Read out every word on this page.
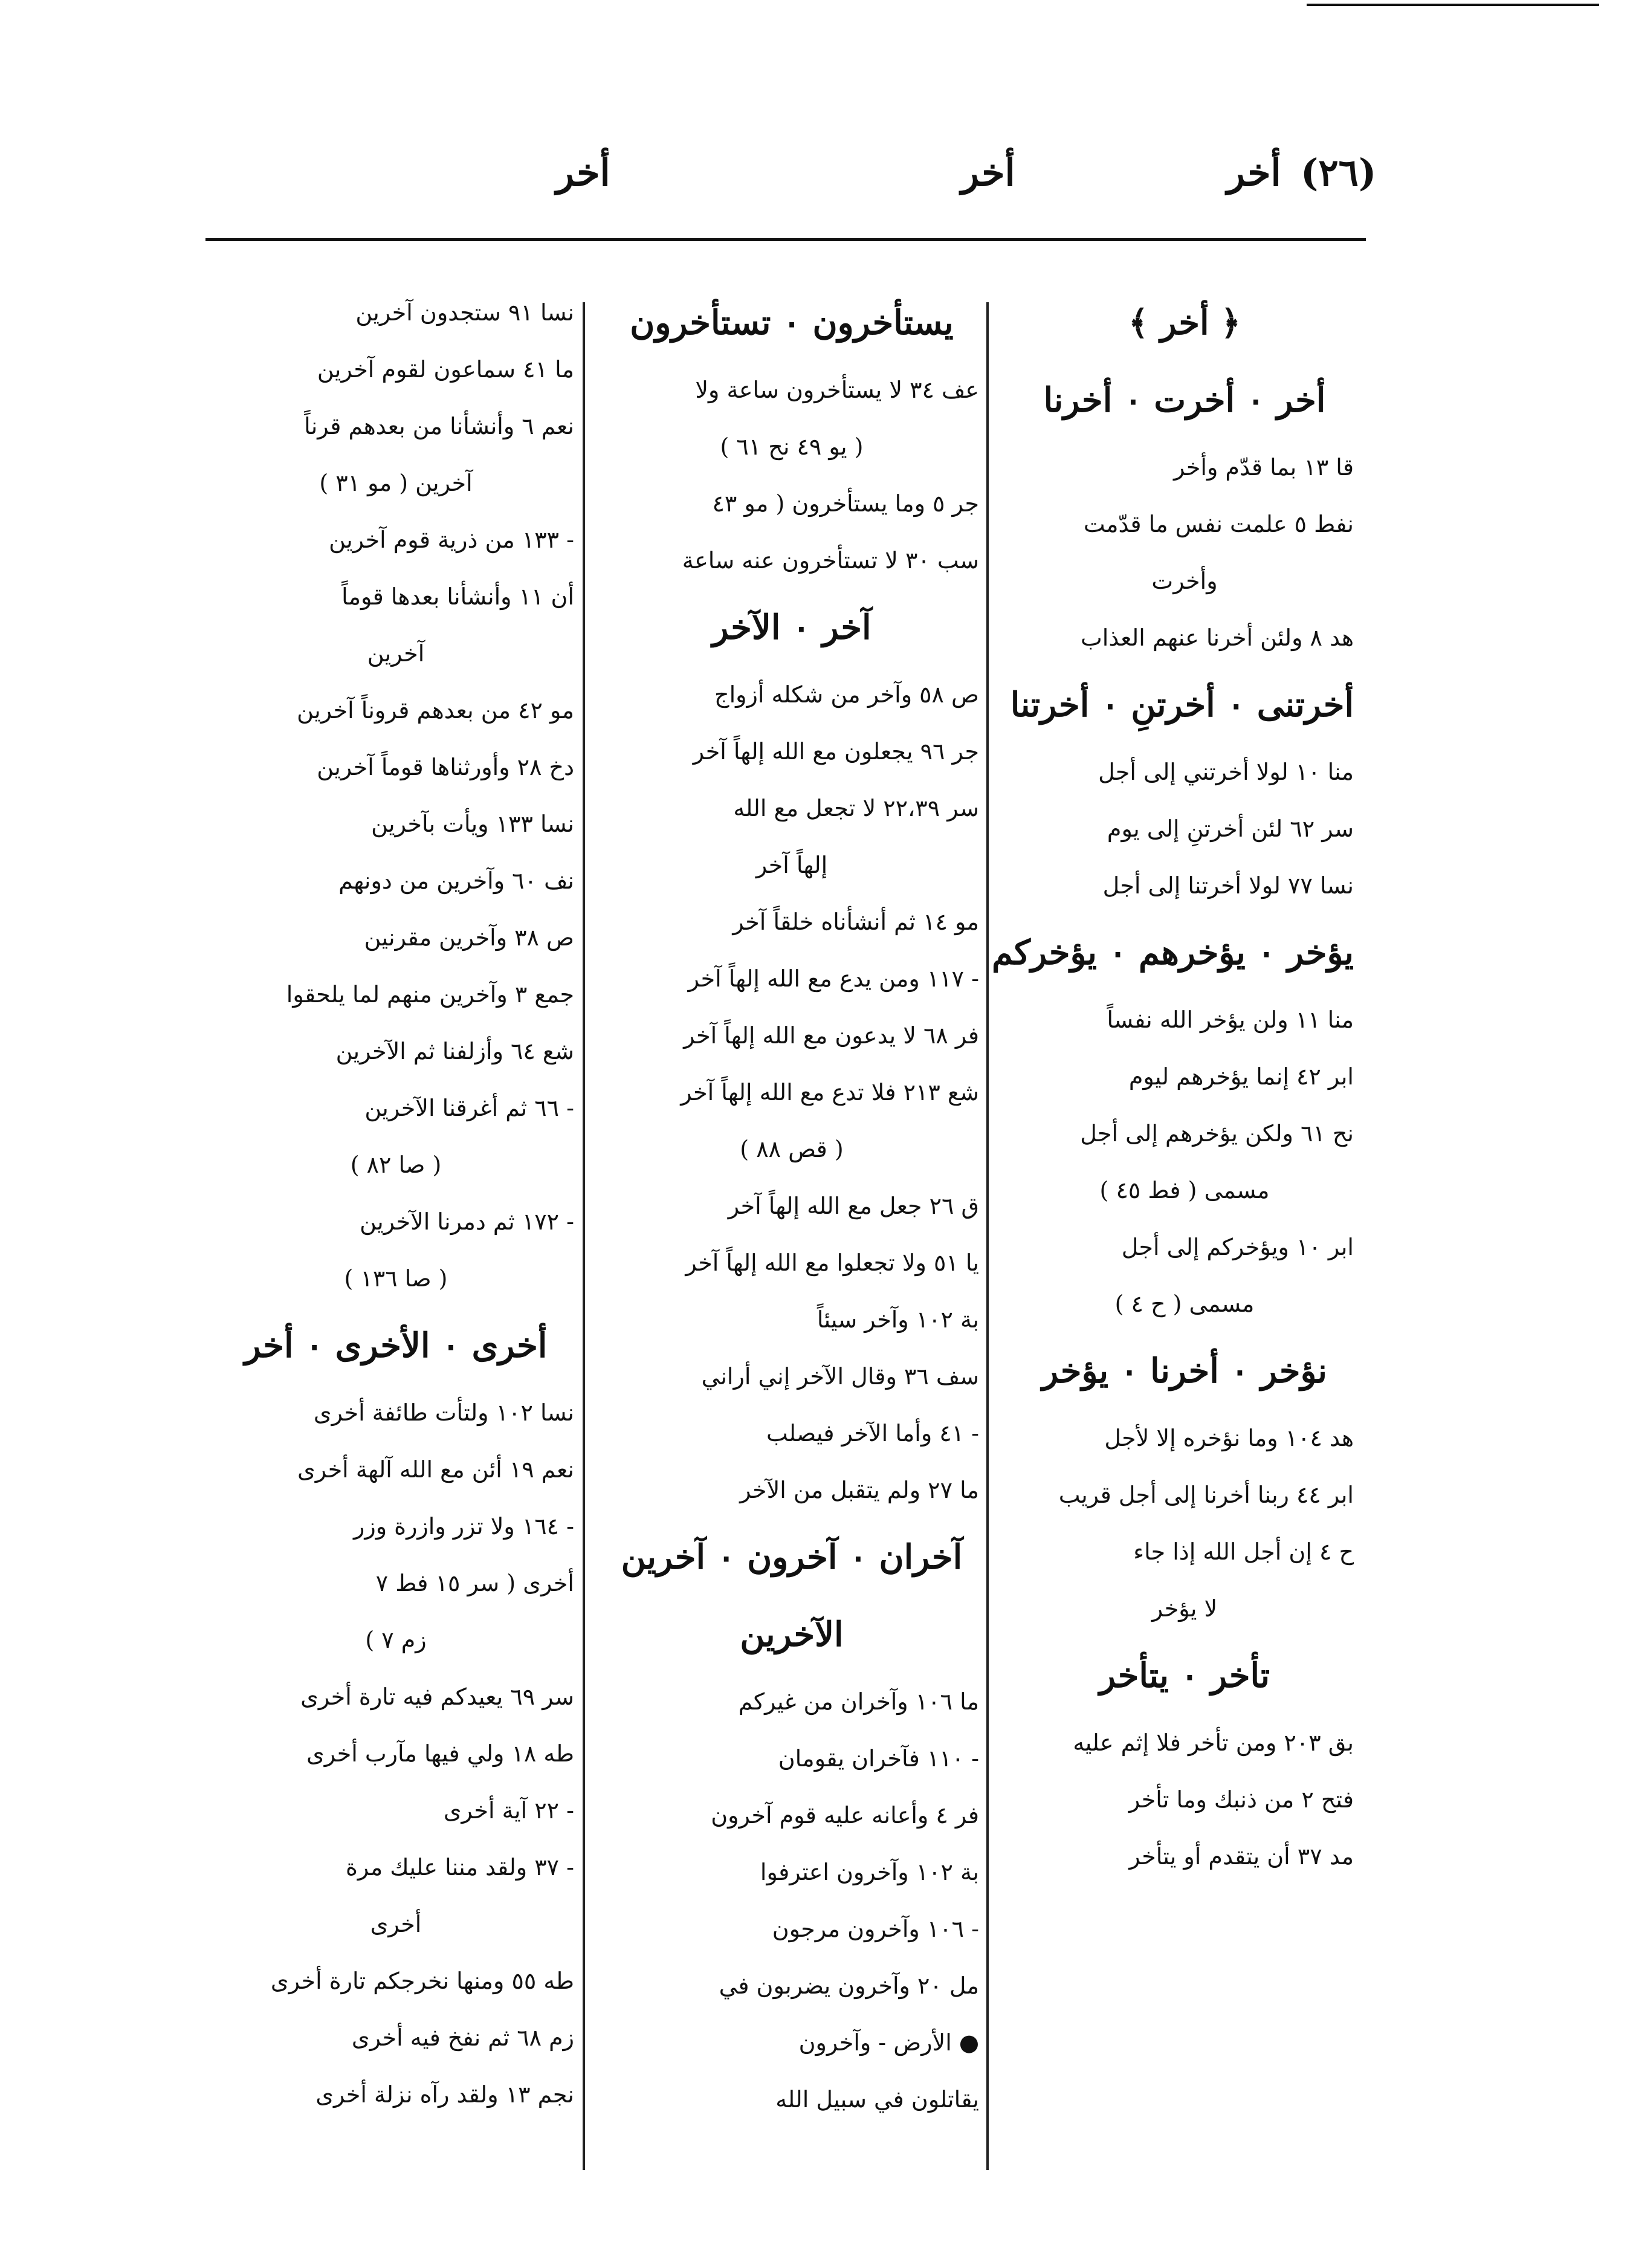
(٢٦)
أخر
أخر
أخر
﴿ أخر ﴾
أخر ۰ أخرت ۰ أخرنا
قا ١٣ بما قدّم وأخر
نفط ٥ علمت نفس ما قدّمت
وأخرت
هد ٨ ولئن أخرنا عنهم العذاب
أخرتنى ۰ أخرتنِ ۰ أخرتنا
منا ١٠ لولا أخرتني إلى أجل
سر ٦٢ لئن أخرتنِ إلى يوم
نسا ٧٧ لولا أخرتنا إلى أجل
يؤخر ۰ يؤخرهم ۰ يؤخركم
منا ١١ ولن يؤخر الله نفساً
ابر ٤٢ إنما يؤخرهم ليوم
نح ٦١ ولكن يؤخرهم إلى أجل
مسمى ( فط ٤٥ )
ابر ١٠ ويؤخركم إلى أجل
مسمى ( ح ٤ )
نؤخر ۰ أخرنا ۰ يؤخر
هد ١٠٤ وما نؤخره إلا لأجل
ابر ٤٤ ربنا أخرنا إلى أجل قريب
ح ٤ إن أجل الله إذا جاء
لا يؤخر
تأخر ۰ يتأخر
بق ٢٠٣ ومن تأخر فلا إثم عليه
فتح ٢ من ذنبك وما تأخر
مد ٣٧ أن يتقدم أو يتأخر
يستأخرون ۰ تستأخرون
عف ٣٤ لا يستأخرون ساعة ولا
( يو ٤٩ نح ٦١ )
جر ٥ وما يستأخرون ( مو ٤٣
سب ٣٠ لا تستأخرون عنه ساعة
آخر ۰ الآخر
ص ٥٨ وآخر من شكله أزواج
جر ٩٦ يجعلون مع الله إلهاً آخر
سر ٢٢،٣٩ لا تجعل مع الله
إلهاً آخر
مو ١٤ ثم أنشأناه خلقاً آخر
- ١١٧ ومن يدع مع الله إلهاً آخر
فر ٦٨ لا يدعون مع الله إلهاً آخر
شع ٢١٣ فلا تدع مع الله إلهاً آخر
( قص ٨٨ )
ق ٢٦ جعل مع الله إلهاً آخر
يا ٥١ ولا تجعلوا مع الله إلهاً آخر
بة ١٠٢ وآخر سيئاً
سف ٣٦ وقال الآخر إني أراني
- ٤١ وأما الآخر فيصلب
ما ٢٧ ولم يتقبل من الآخر
آخران ۰ آخرون ۰ آخرين
الآخرين
ما ١٠٦ وآخران من غيركم
- ١١٠ فآخران يقومان
فر ٤ وأعانه عليه قوم آخرون
بة ١٠٢ وآخرون اعترفوا
- ١٠٦ وآخرون مرجون
مل ٢٠ وآخرون يضربون في
● الأرض - وآخرون
يقاتلون في سبيل الله
نسا ٩١ ستجدون آخرين
ما ٤١ سماعون لقوم آخرين
نعم ٦ وأنشأنا من بعدهم قرناً
آخرين ( مو ٣١ )
- ١٣٣ من ذرية قوم آخرين
أن ١١ وأنشأنا بعدها قوماً
آخرين
مو ٤٢ من بعدهم قروناً آخرين
دخ ٢٨ وأورثناها قوماً آخرين
نسا ١٣٣ ويأت بآخرين
نف ٦٠ وآخرين من دونهم
ص ٣٨ وآخرين مقرنين
جمع ٣ وآخرين منهم لما يلحقوا
شع ٦٤ وأزلفنا ثم الآخرين
- ٦٦ ثم أغرقنا الآخرين
( صا ٨٢ )
- ١٧٢ ثم دمرنا الآخرين
( صا ١٣٦ )
أخرى ۰ الأخرى ۰ أخر
نسا ١٠٢ ولتأت طائفة أخرى
نعم ١٩ أئن مع الله آلهة أخرى
- ١٦٤ ولا تزر وازرة وزر
أخرى ( سر ١٥ فط ٧
زم ٧ )
سر ٦٩ يعيدكم فيه تارة أخرى
طه ١٨ ولي فيها مآرب أخرى
- ٢٢ آية أخرى
- ٣٧ ولقد مننا عليك مرة
أخرى
طه ٥٥ ومنها نخرجكم تارة أخرى
زم ٦٨ ثم نفخ فيه أخرى
نجم ١٣ ولقد رآه نزلة أخرى
